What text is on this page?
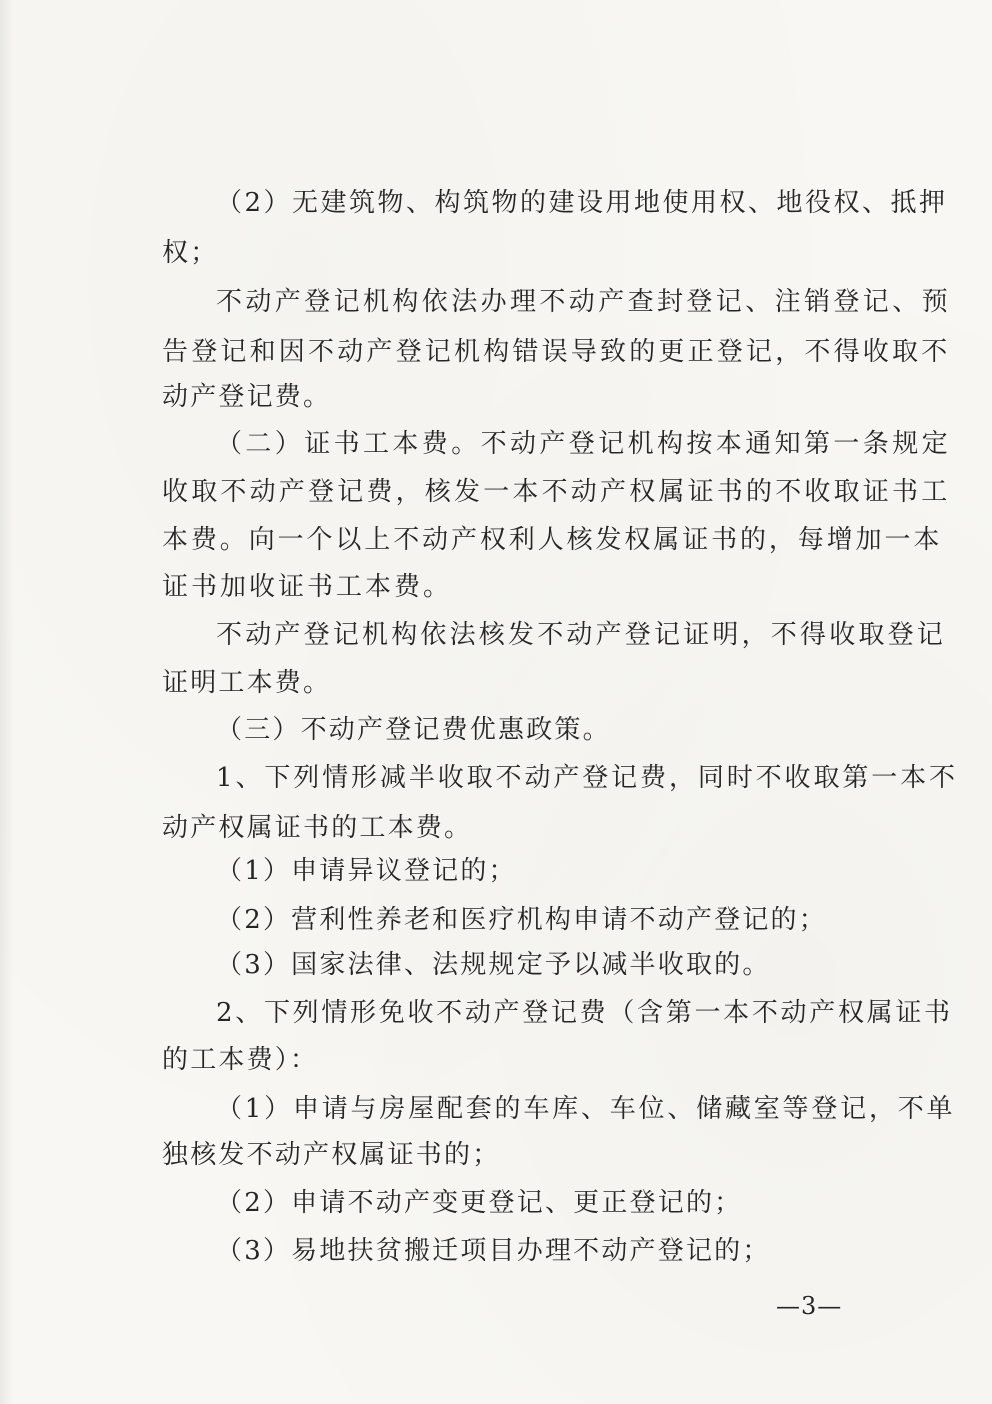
（2）无建筑物、构筑物的建设用地使用权、地役权、抵押
权；
不动产登记机构依法办理不动产查封登记、注销登记、预
告登记和因不动产登记机构错误导致的更正登记，不得收取不
动产登记费。
（二）证书工本费。不动产登记机构按本通知第一条规定
收取不动产登记费，核发一本不动产权属证书的不收取证书工
本费。向一个以上不动产权利人核发权属证书的，每增加一本
证书加收证书工本费。
不动产登记机构依法核发不动产登记证明，不得收取登记
证明工本费。
（三）不动产登记费优惠政策。
1、下列情形减半收取不动产登记费，同时不收取第一本不
动产权属证书的工本费。
（1）申请异议登记的；
（2）营利性养老和医疗机构申请不动产登记的；
（3）国家法律、法规规定予以减半收取的。
2、下列情形免收不动产登记费（含第一本不动产权属证书
的工本费）：
（1）申请与房屋配套的车库、车位、储藏室等登记，不单
独核发不动产权属证书的；
（2）申请不动产变更登记、更正登记的；
（3）易地扶贫搬迁项目办理不动产登记的；
—3—
